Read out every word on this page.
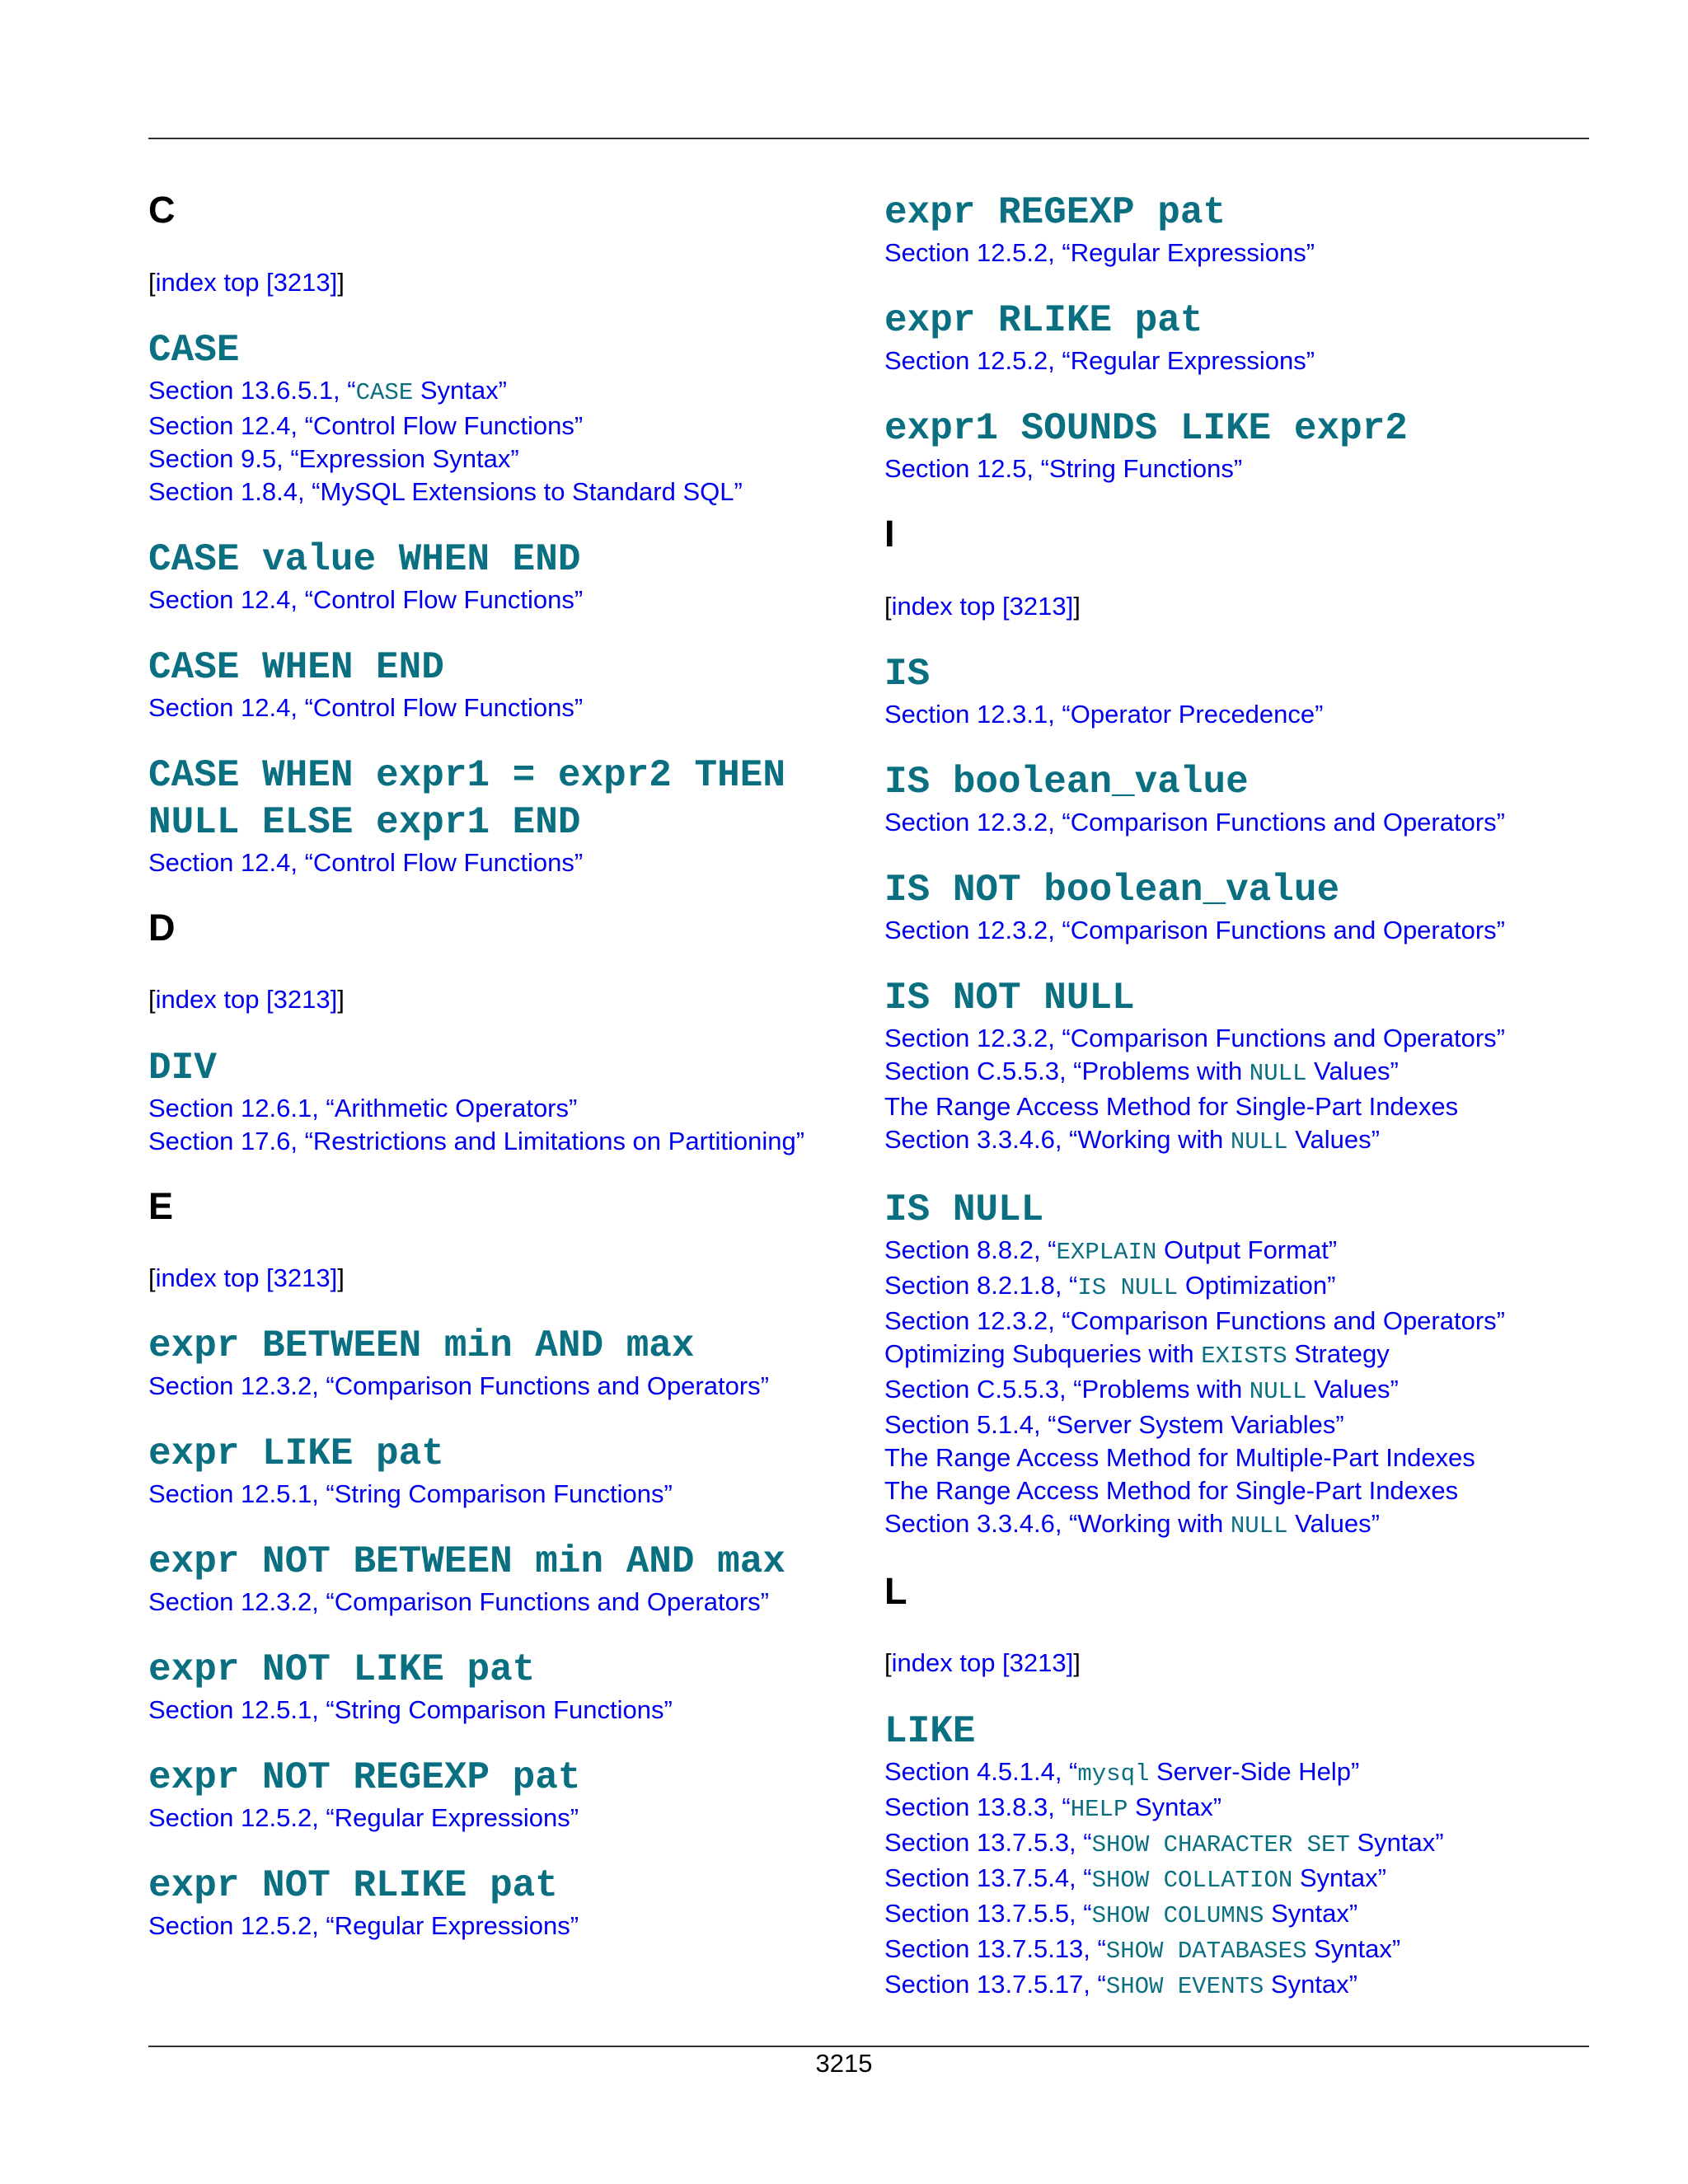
C
[index top [3213]]
CASE
Section 13.6.5.1, “CASE Syntax”
Section 12.4, “Control Flow Functions”
Section 9.5, “Expression Syntax”
Section 1.8.4, “MySQL Extensions to Standard SQL”
CASE value WHEN END
Section 12.4, “Control Flow Functions”
CASE WHEN END
Section 12.4, “Control Flow Functions”
CASE WHEN expr1 = expr2 THEN NULL ELSE expr1 END
Section 12.4, “Control Flow Functions”
D
[index top [3213]]
DIV
Section 12.6.1, “Arithmetic Operators”
Section 17.6, “Restrictions and Limitations on Partitioning”
E
[index top [3213]]
expr BETWEEN min AND max
Section 12.3.2, “Comparison Functions and Operators”
expr LIKE pat
Section 12.5.1, “String Comparison Functions”
expr NOT BETWEEN min AND max
Section 12.3.2, “Comparison Functions and Operators”
expr NOT LIKE pat
Section 12.5.1, “String Comparison Functions”
expr NOT REGEXP pat
Section 12.5.2, “Regular Expressions”
expr NOT RLIKE pat
Section 12.5.2, “Regular Expressions”
expr REGEXP pat
Section 12.5.2, “Regular Expressions”
expr RLIKE pat
Section 12.5.2, “Regular Expressions”
expr1 SOUNDS LIKE expr2
Section 12.5, “String Functions”
I
[index top [3213]]
IS
Section 12.3.1, “Operator Precedence”
IS boolean_value
Section 12.3.2, “Comparison Functions and Operators”
IS NOT boolean_value
Section 12.3.2, “Comparison Functions and Operators”
IS NOT NULL
Section 12.3.2, “Comparison Functions and Operators”
Section C.5.5.3, “Problems with NULL Values”
The Range Access Method for Single-Part Indexes
Section 3.3.4.6, “Working with NULL Values”
IS NULL
Section 8.8.2, “EXPLAIN Output Format”
Section 8.2.1.8, “IS NULL Optimization”
Section 12.3.2, “Comparison Functions and Operators”
Optimizing Subqueries with EXISTS Strategy
Section C.5.5.3, “Problems with NULL Values”
Section 5.1.4, “Server System Variables”
The Range Access Method for Multiple-Part Indexes
The Range Access Method for Single-Part Indexes
Section 3.3.4.6, “Working with NULL Values”
L
[index top [3213]]
LIKE
Section 4.5.1.4, “mysql Server-Side Help”
Section 13.8.3, “HELP Syntax”
Section 13.7.5.3, “SHOW CHARACTER SET Syntax”
Section 13.7.5.4, “SHOW COLLATION Syntax”
Section 13.7.5.5, “SHOW COLUMNS Syntax”
Section 13.7.5.13, “SHOW DATABASES Syntax”
Section 13.7.5.17, “SHOW EVENTS Syntax”
3215
